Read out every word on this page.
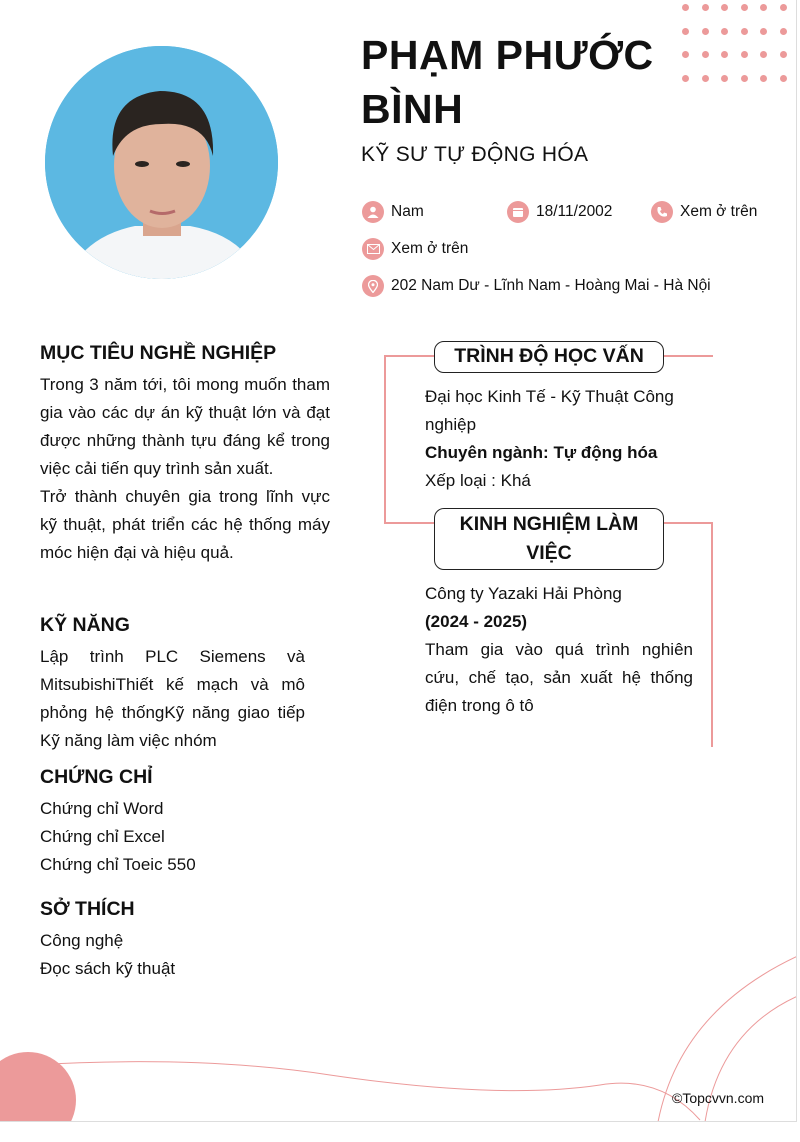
PHẠM PHƯỚC BÌNH
KỸ SƯ TỰ ĐỘNG HÓA
Nam	18/11/2002	Xem ở trên
Xem ở trên
202 Nam Dư - Lĩnh Nam - Hoàng Mai - Hà Nội
MỤC TIÊU NGHỀ NGHIỆP
Trong 3 năm tới, tôi mong muốn tham gia vào các dự án kỹ thuật lớn và đạt được những thành tựu đáng kể trong việc cải tiến quy trình sản xuất.
Trở thành chuyên gia trong lĩnh vực kỹ thuật, phát triển các hệ thống máy móc hiện đại và hiệu quả.
KỸ NĂNG
Lập trình PLC Siemens và MitsubishiThiết kế mạch và mô phỏng hệ thốngKỹ năng giao tiếp Kỹ năng làm việc nhóm
CHỨNG CHỈ
Chứng chỉ Word
Chứng chỉ Excel
Chứng chỉ Toeic 550
SỞ THÍCH
Công nghệ
Đọc sách kỹ thuật
TRÌNH ĐỘ HỌC VẤN
Đại học Kinh Tế - Kỹ Thuật Công nghiệp
Chuyên ngành: Tự động hóa
Xếp loại : Khá
KINH NGHIỆM LÀM VIỆC
Công ty Yazaki Hải Phòng
(2024 - 2025)
Tham gia vào quá trình nghiên cứu, chế tạo, sản xuất hệ thống điện trong ô tô
©Topcvvn.com
